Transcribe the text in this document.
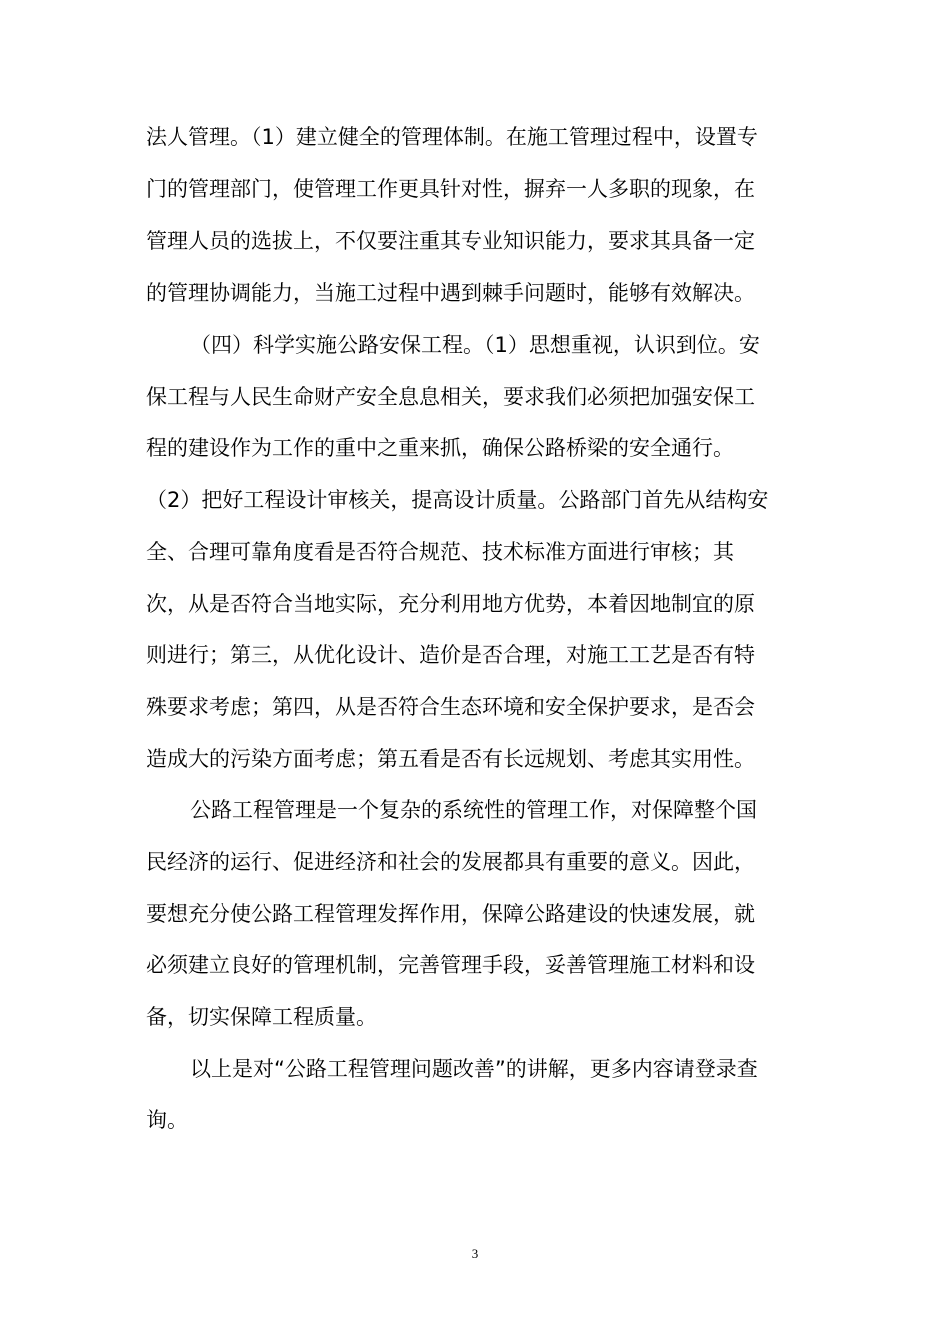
法人管理。（1）建立健全的管理体制。在施工管理过程中，设置专
门的管理部门，使管理工作更具针对性，摒弃一人多职的现象，在
管理人员的选拔上，不仅要注重其专业知识能力，要求其具备一定
的管理协调能力，当施工过程中遇到棘手问题时，能够有效解决。
（四）科学实施公路安保工程。（1）思想重视，认识到位。安
保工程与人民生命财产安全息息相关，要求我们必须把加强安保工
程的建设作为工作的重中之重来抓，确保公路桥梁的安全通行。
（2）把好工程设计审核关，提高设计质量。公路部门首先从结构安
全、合理可靠角度看是否符合规范、技术标准方面进行审核；其
次，从是否符合当地实际，充分利用地方优势，本着因地制宜的原
则进行；第三，从优化设计、造价是否合理，对施工工艺是否有特
殊要求考虑；第四，从是否符合生态环境和安全保护要求，是否会
造成大的污染方面考虑；第五看是否有长远规划、考虑其实用性。
公路工程管理是一个复杂的系统性的管理工作，对保障整个国
民经济的运行、促进经济和社会的发展都具有重要的意义。因此，
要想充分使公路工程管理发挥作用，保障公路建设的快速发展，就
必须建立良好的管理机制，完善管理手段，妥善管理施工材料和设
备，切实保障工程质量。
以上是对“公路工程管理问题改善”的讲解，更多内容请登录查
询。
3
